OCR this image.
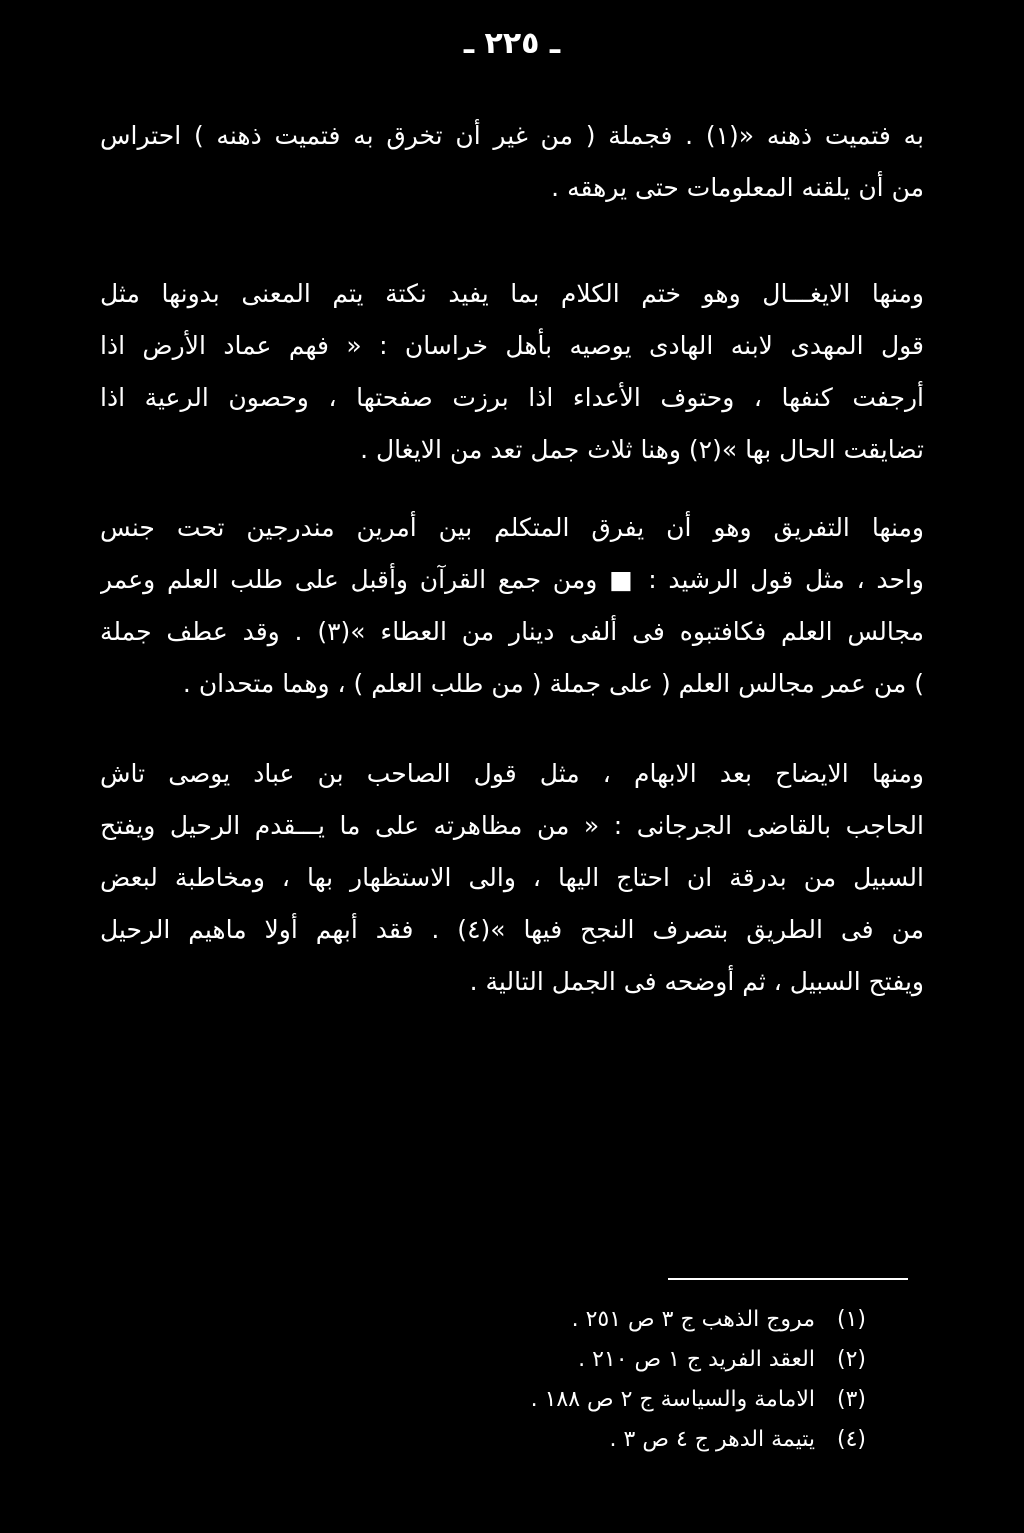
ـ ٢٢٥ ـ
به فتميت ذهنه «(١) . فجملة ( من غير أن تخرق به فتميت ذهنه ) احتراس
من أن يلقنه المعلومات حتى يرهقه .
ومنها الايغـــال وهو ختم الكلام بما يفيد نكتة يتم المعنى بدونها مثل
قول المهدى لابنه الهادى يوصيه بأهل خراسان : « فهم عماد الأرض اذا
أرجفت كنفها ، وحتوف الأعداء اذا برزت صفحتها ، وحصون الرعية اذا
تضايقت الحال بها »(٢) وهنا ثلاث جمل تعد من الايغال .
ومنها التفريق وهو أن يفرق المتكلم بين أمرين مندرجين تحت جنس
واحد ، مثل قول الرشيد : ■ ومن جمع القرآن وأقبل على طلب العلم وعمر
مجالس العلم فكافتبوه فى ألفى دينار من العطاء »(٣) . وقد عطف جملة
) من عمر مجالس العلم ( على جملة ( من طلب العلم ) ، وهما متحدان .
ومنها الايضاح بعد الابهام ، مثل قول الصاحب بن عباد يوصى تاش
الحاجب بالقاضى الجرجانى : « من مظاهرته على ما يـــقدم الرحيل ويفتح
السبيل من بدرقة ان احتاج اليها ، والى الاستظهار بها ، ومخاطبة لبعض
من فى الطريق بتصرف النجح فيها »(٤) . فقد أبهم أولا ماهيم الرحيل
ويفتح السبيل ، ثم أوضحه فى الجمل التالية .
(١)مروج الذهب ج ٣ ص ٢٥١ .
(٢)العقد الفريد ج ١ ص ٢١٠ .
(٣)الامامة والسياسة ج ٢ ص ١٨٨ .
(٤)يتيمة الدهر ج ٤ ص ٣ .
